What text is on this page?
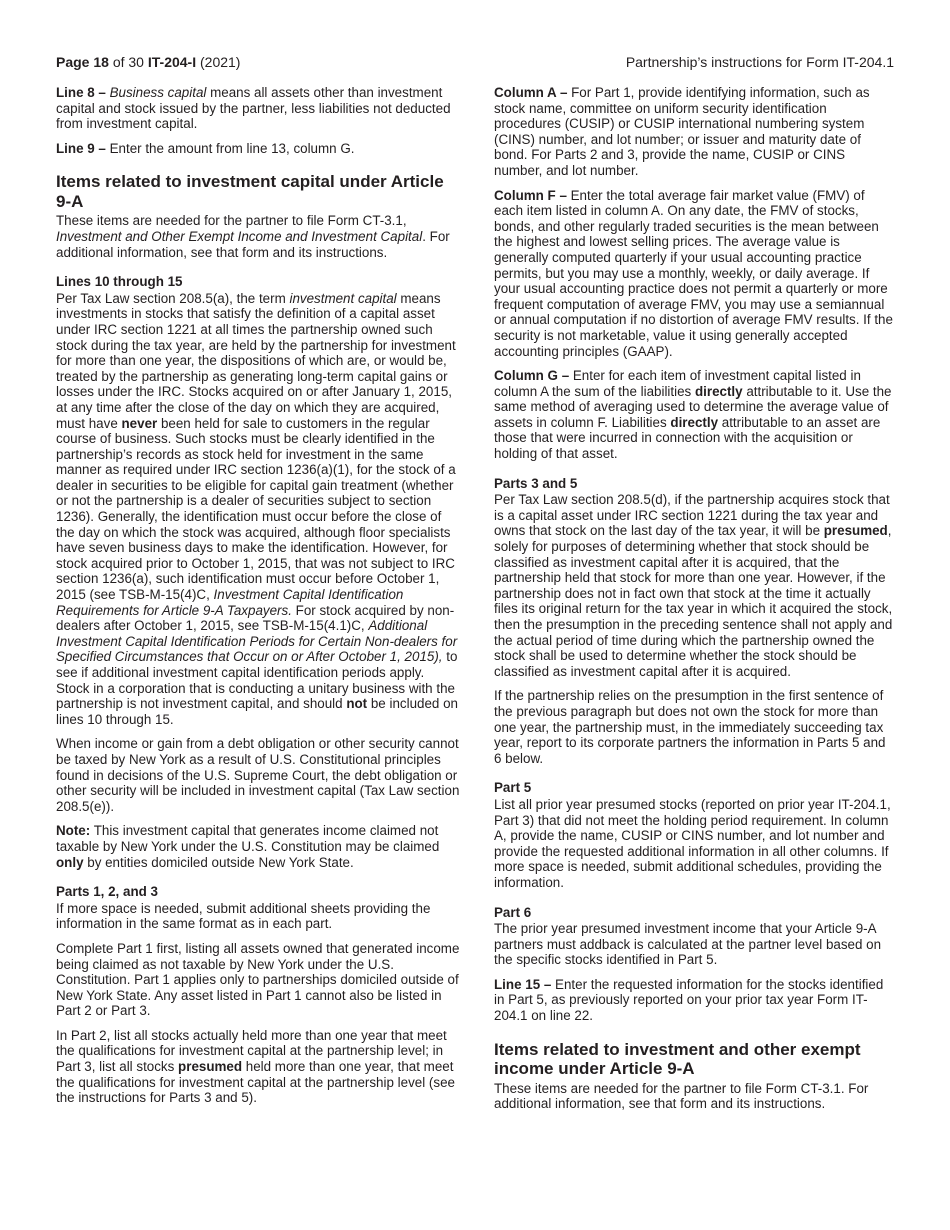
Page 18 of 30 IT-204-I (2021)	Partnership’s instructions for Form IT-204.1

Line 8 – Business capital means all assets other than investment capital and stock issued by the partner, less liabilities not deducted from investment capital.

Line 9 – Enter the amount from line 13, column G.

Items related to investment capital under Article 9-A

These items are needed for the partner to file Form CT-3.1, Investment and Other Exempt Income and Investment Capital. For additional information, see that form and its instructions.

Lines 10 through 15

Per Tax Law section 208.5(a), the term investment capital means investments in stocks that satisfy the definition of a capital asset under IRC section 1221 at all times the partnership owned such stock during the tax year, are held by the partnership for investment for more than one year, the dispositions of which are, or would be, treated by the partnership as generating long-term capital gains or losses under the IRC. Stocks acquired on or after January 1, 2015, at any time after the close of the day on which they are acquired, must have never been held for sale to customers in the regular course of business. Such stocks must be clearly identified in the partnership’s records as stock held for investment in the same manner as required under IRC section 1236(a)(1), for the stock of a dealer in securities to be eligible for capital gain treatment (whether or not the partnership is a dealer of securities subject to section 1236). Generally, the identification must occur before the close of the day on which the stock was acquired, although floor specialists have seven business days to make the identification. However, for stock acquired prior to October 1, 2015, that was not subject to IRC section 1236(a), such identification must occur before October 1, 2015 (see TSB-M-15(4)C, Investment Capital Identification Requirements for Article 9-A Taxpayers. For stock acquired by non-dealers after October 1, 2015, see TSB-M-15(4.1)C, Additional Investment Capital Identification Periods for Certain Non-dealers for Specified Circumstances that Occur on or After October 1, 2015), to see if additional investment capital identification periods apply. Stock in a corporation that is conducting a unitary business with the partnership is not investment capital, and should not be included on lines 10 through 15.

When income or gain from a debt obligation or other security cannot be taxed by New York as a result of U.S. Constitutional principles found in decisions of the U.S. Supreme Court, the debt obligation or other security will be included in investment capital (Tax Law section 208.5(e)).

Note: This investment capital that generates income claimed not taxable by New York under the U.S. Constitution may be claimed only by entities domiciled outside New York State.

Parts 1, 2, and 3

If more space is needed, submit additional sheets providing the information in the same format as in each part.

Complete Part 1 first, listing all assets owned that generated income being claimed as not taxable by New York under the U.S. Constitution. Part 1 applies only to partnerships domiciled outside of New York State. Any asset listed in Part 1 cannot also be listed in Part 2 or Part 3.

In Part 2, list all stocks actually held more than one year that meet the qualifications for investment capital at the partnership level; in Part 3, list all stocks presumed held more than one year, that meet the qualifications for investment capital at the partnership level (see the instructions for Parts 3 and 5).

Column A – For Part 1, provide identifying information, such as stock name, committee on uniform security identification procedures (CUSIP) or CUSIP international numbering system (CINS) number, and lot number; or issuer and maturity date of bond. For Parts 2 and 3, provide the name, CUSIP or CINS number, and lot number.

Column F – Enter the total average fair market value (FMV) of each item listed in column A. On any date, the FMV of stocks, bonds, and other regularly traded securities is the mean between the highest and lowest selling prices. The average value is generally computed quarterly if your usual accounting practice permits, but you may use a monthly, weekly, or daily average. If your usual accounting practice does not permit a quarterly or more frequent computation of average FMV, you may use a semiannual or annual computation if no distortion of average FMV results. If the security is not marketable, value it using generally accepted accounting principles (GAAP).

Column G – Enter for each item of investment capital listed in column A the sum of the liabilities directly attributable to it. Use the same method of averaging used to determine the average value of assets in column F. Liabilities directly attributable to an asset are those that were incurred in connection with the acquisition or holding of that asset.

Parts 3 and 5

Per Tax Law section 208.5(d), if the partnership acquires stock that is a capital asset under IRC section 1221 during the tax year and owns that stock on the last day of the tax year, it will be presumed, solely for purposes of determining whether that stock should be classified as investment capital after it is acquired, that the partnership held that stock for more than one year. However, if the partnership does not in fact own that stock at the time it actually files its original return for the tax year in which it acquired the stock, then the presumption in the preceding sentence shall not apply and the actual period of time during which the partnership owned the stock shall be used to determine whether the stock should be classified as investment capital after it is acquired.

If the partnership relies on the presumption in the first sentence of the previous paragraph but does not own the stock for more than one year, the partnership must, in the immediately succeeding tax year, report to its corporate partners the information in Parts 5 and 6 below.

Part 5

List all prior year presumed stocks (reported on prior year IT-204.1, Part 3) that did not meet the holding period requirement. In column A, provide the name, CUSIP or CINS number, and lot number and provide the requested additional information in all other columns. If more space is needed, submit additional schedules, providing the information.

Part 6

The prior year presumed investment income that your Article 9-A partners must addback is calculated at the partner level based on the specific stocks identified in Part 5.

Line 15 – Enter the requested information for the stocks identified in Part 5, as previously reported on your prior tax year Form IT-204.1 on line 22.

Items related to investment and other exempt income under Article 9-A

These items are needed for the partner to file Form CT-3.1. For additional information, see that form and its instructions.
